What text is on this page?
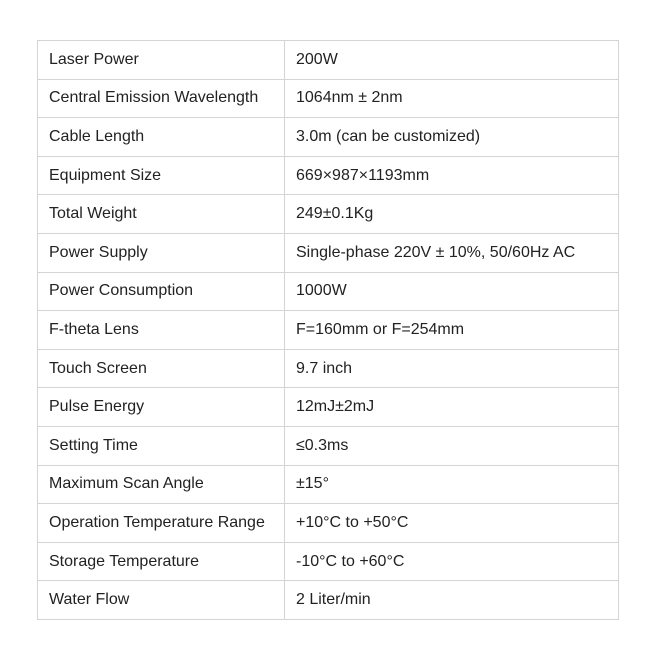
Laser Power	200W
Central Emission Wavelength	1064nm ± 2nm
Cable Length	3.0m (can be customized)
Equipment Size	669×987×1193mm
Total Weight	249±0.1Kg
Power Supply	Single-phase 220V ± 10%, 50/60Hz AC
Power Consumption	1000W
F-theta Lens	F=160mm or F=254mm
Touch Screen	9.7 inch
Pulse Energy	12mJ±2mJ
Setting Time	≤0.3ms
Maximum Scan Angle	±15°
Operation Temperature Range	+10°C to +50°C
Storage Temperature	-10°C to +60°C
Water Flow	2 Liter/min
